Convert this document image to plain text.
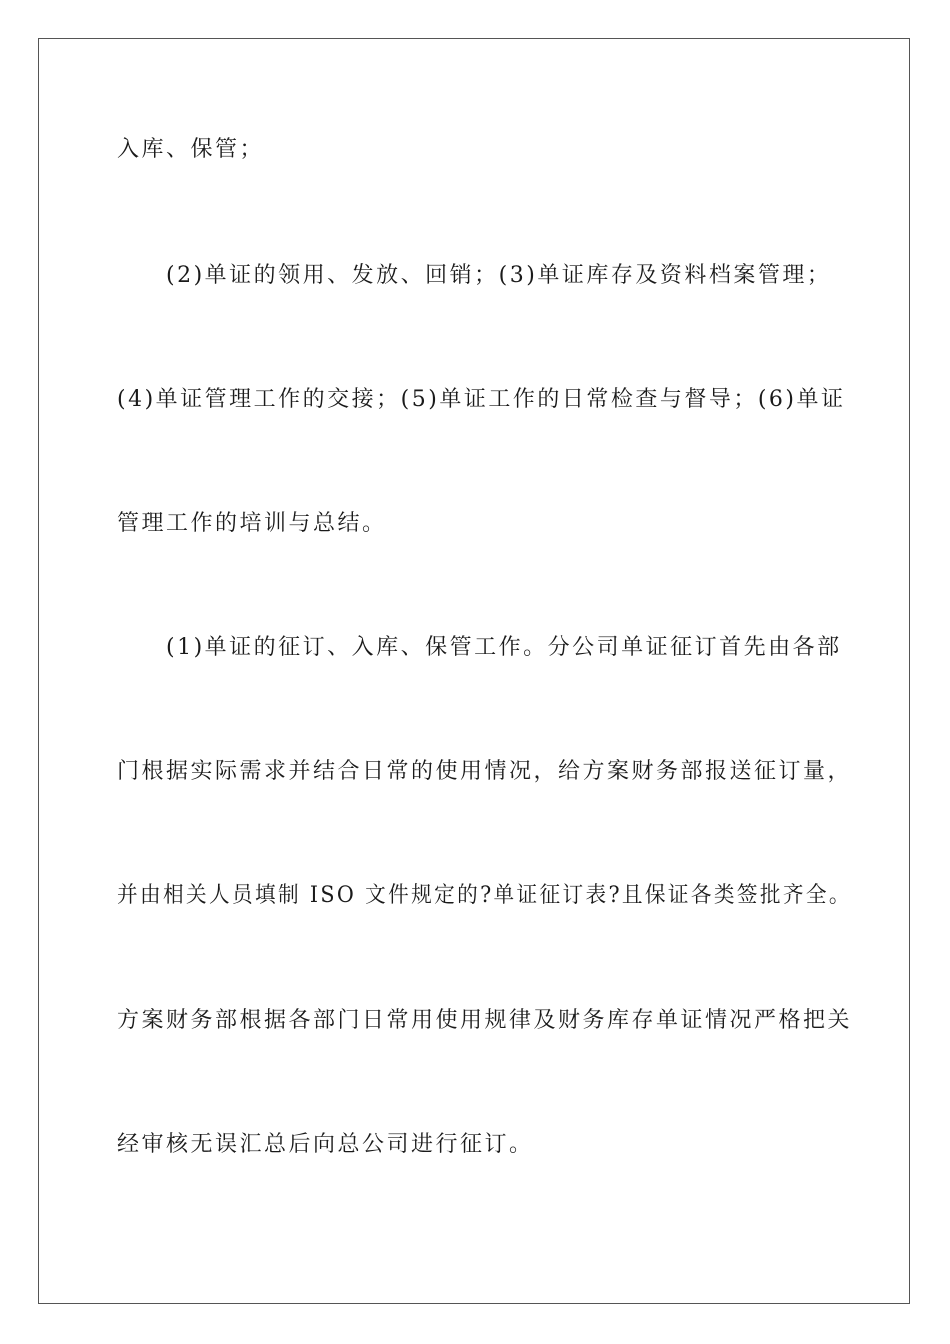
入库、保管；
(2)单证的领用、发放、回销；(3)单证库存及资料档案管理；
(4)单证管理工作的交接；(5)单证工作的日常检查与督导；(6)单证
管理工作的培训与总结。
(1)单证的征订、入库、保管工作。分公司单证征订首先由各部
门根据实际需求并结合日常的使用情况，给方案财务部报送征订量，
并由相关人员填制 ISO 文件规定的?单证征订表?且保证各类签批齐全。
方案财务部根据各部门日常用使用规律及财务库存单证情况严格把关
经审核无误汇总后向总公司进行征订。
